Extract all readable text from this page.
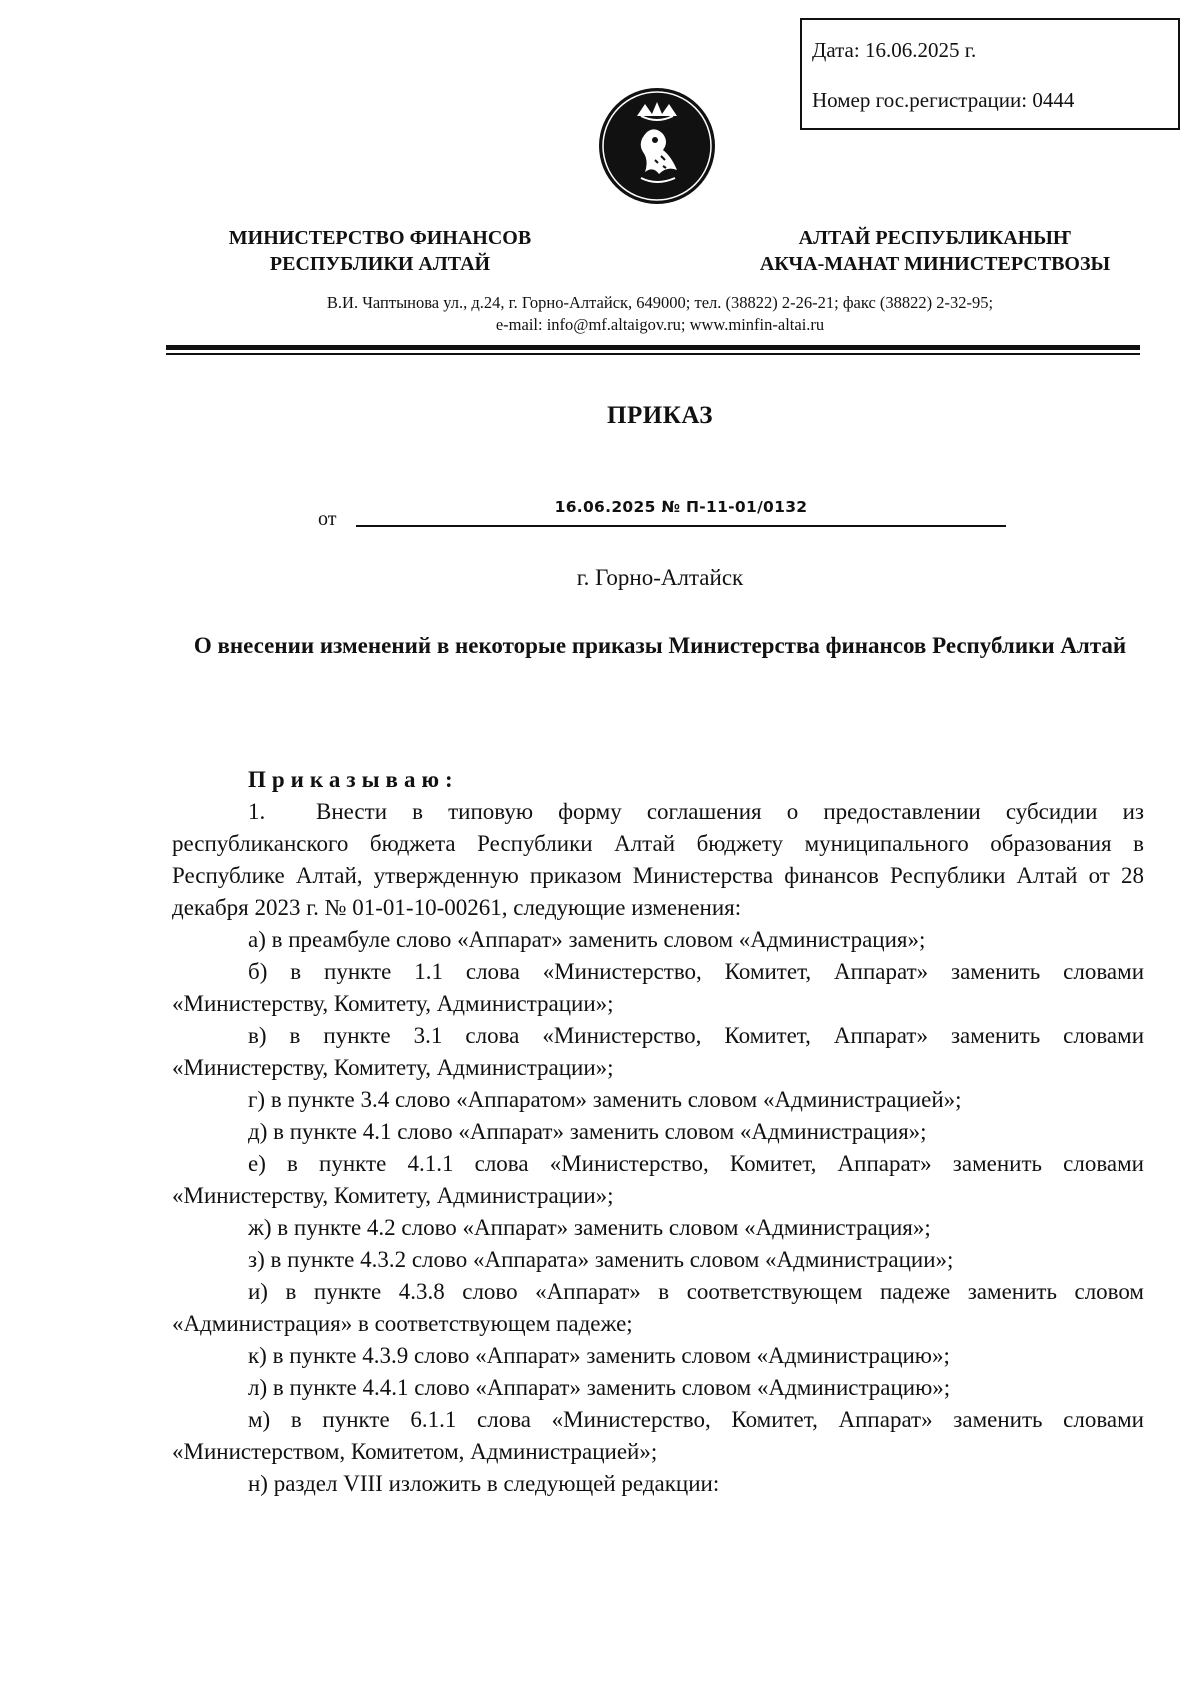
Дата: 16.06.2025 г.
Номер гос.регистрации: 0444
МИНИСТЕРСТВО ФИНАНСОВ
РЕСПУБЛИКИ АЛТАЙ
АЛТАЙ РЕСПУБЛИКАНЫҤ
АКЧА-МАНАТ МИНИСТЕРСТВОЗЫ
В.И. Чаптынова ул., д.24, г. Горно-Алтайск, 649000; тел. (38822) 2-26-21; факс (38822) 2-32-95;
e-mail: info@mf.altaigov.ru; www.minfin-altai.ru
ПРИКАЗ
от
16.06.2025 № П-11-01/0132
г. Горно-Алтайск
О внесении изменений в некоторые приказы Министерства финансов Республики Алтай

Приказываю:

1. Внести в типовую форму соглашения о предоставлении субсидии из республиканского бюджета Республики Алтай бюджету муниципального образования в Республике Алтай, утвержденную приказом Министерства финансов Республики Алтай от 28 декабря 2023 г. № 01-01-10-00261, следующие изменения:

а) в преамбуле слово «Аппарат» заменить словом «Администрация»;

б) в пункте 1.1 слова «Министерство, Комитет, Аппарат» заменить словами «Министерству, Комитету, Администрации»;

в) в пункте 3.1 слова «Министерство, Комитет, Аппарат» заменить словами «Министерству, Комитету, Администрации»;

г) в пункте 3.4 слово «Аппаратом» заменить словом «Администрацией»;

д) в пункте 4.1 слово «Аппарат» заменить словом «Администрация»;

е) в пункте 4.1.1 слова «Министерство, Комитет, Аппарат» заменить словами «Министерству, Комитету, Администрации»;

ж) в пункте 4.2 слово «Аппарат» заменить словом «Администрация»;

з) в пункте 4.3.2 слово «Аппарата» заменить словом «Администрации»;

и) в пункте 4.3.8 слово «Аппарат» в соответствующем падеже заменить словом «Администрация» в соответствующем падеже;

к) в пункте 4.3.9 слово «Аппарат» заменить словом «Администрацию»;

л) в пункте 4.4.1 слово «Аппарат» заменить словом «Администрацию»;

м) в пункте 6.1.1 слова «Министерство, Комитет, Аппарат» заменить словами «Министерством, Комитетом, Администрацией»;

н) раздел VIII изложить в следующей редакции:
